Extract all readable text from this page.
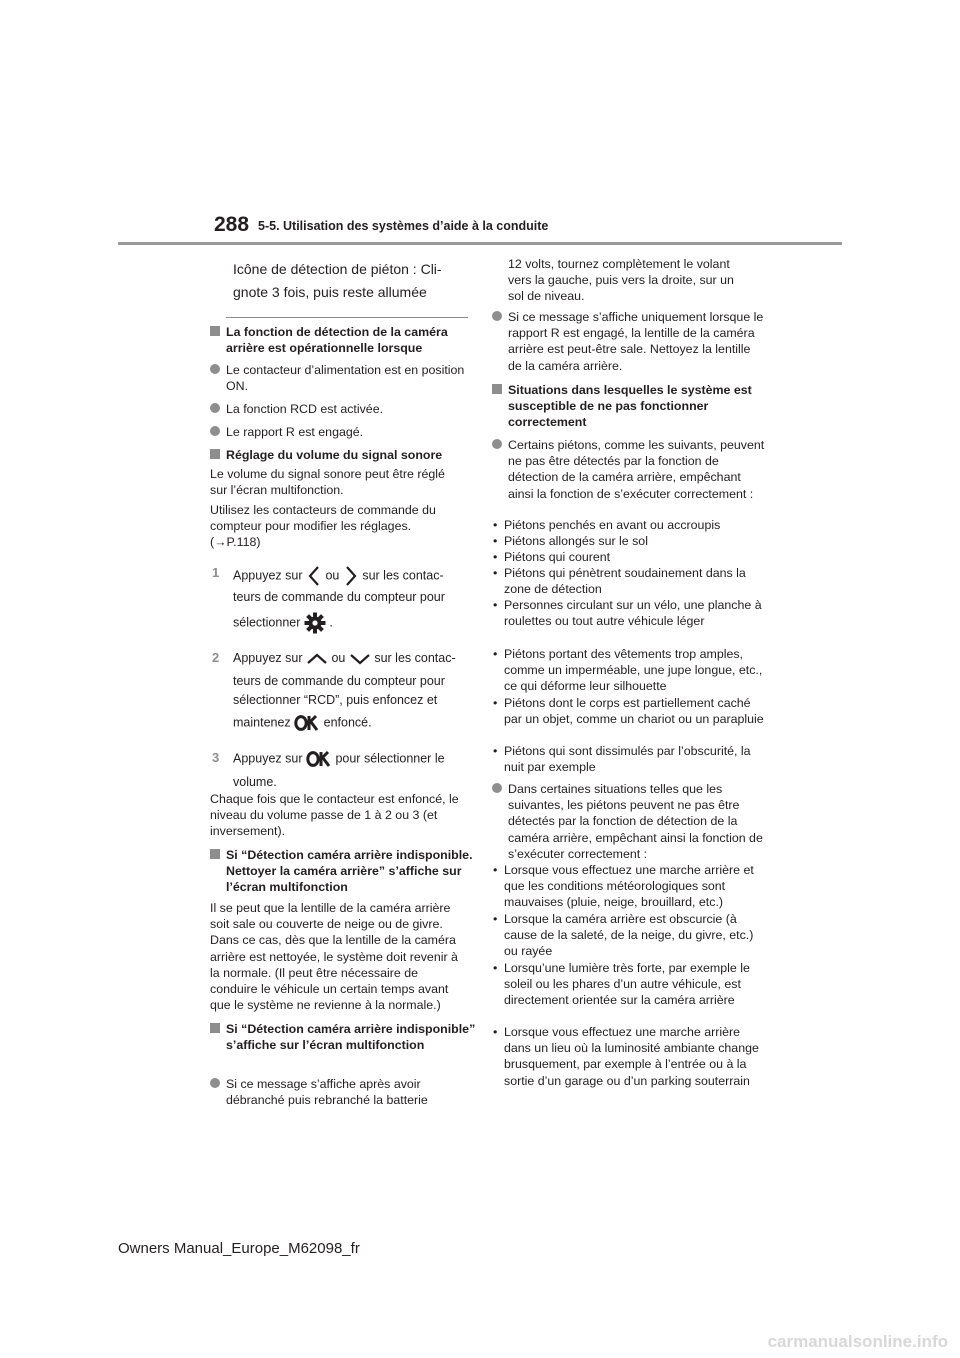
288 5-5. Utilisation des systèmes d’aide à la conduite
Icône de détection de piéton : Cli-
gnote 3 fois, puis reste allumée

La fonction de détection de la caméra arrière est opérationnelle lorsque

Le contacteur d’alimentation est en position ON.

La fonction RCD est activée.

Le rapport R est engagé.

Réglage du volume du signal sonore

Le volume du signal sonore peut être réglé sur l’écran multifonction.

Utilisez les contacteurs de commande du compteur pour modifier les réglages.

(→P.118)

1 Appuyez sur ou sur les contac-
teurs de commande du compteur pour
sélectionner .
2 Appuyez sur ou sur les contac-
teurs de commande du compteur pour
sélectionner “RCD”, puis enfoncez et
maintenez	enfoncé.
3 Appuyez sur	pour sélectionner le
volume.

Chaque fois que le contacteur est enfoncé, le niveau du volume passe de 1 à 2 ou 3 (et inversement).

Si “Détection caméra arrière indisponible. Nettoyer la caméra arrière” s’affiche sur l’écran multifonction

Il se peut que la lentille de la caméra arrière soit sale ou couverte de neige ou de givre. Dans ce cas, dès que la lentille de la caméra arrière est nettoyée, le système doit revenir à la normale. (Il peut être nécessaire de conduire le véhicule un certain temps avant que le système ne revienne à la normale.)

Si “Détection caméra arrière indisponible” s’affiche sur l’écran multifonction

Si ce message s’affiche après avoir débranché puis rebranché la batterie

12 volts, tournez complètement le volant vers la gauche, puis vers la droite, sur un sol de niveau.

Si ce message s’affiche uniquement lorsque le rapport R est engagé, la lentille de la caméra arrière est peut-être sale. Nettoyez la lentille de la caméra arrière.

Situations dans lesquelles le système est susceptible de ne pas fonctionner correctement

Certains piétons, comme les suivants, peuvent ne pas être détectés par la fonction de détection de la caméra arrière, empêchant ainsi la fonction de s’exécuter correctement :

• Piétons penchés en avant ou accroupis

• Piétons allongés sur le sol

• Piétons qui courent

• Piétons qui pénètrent soudainement dans la zone de détection

• Personnes circulant sur un vélo, une planche à roulettes ou tout autre véhicule léger

• Piétons portant des vêtements trop amples, comme un imperméable, une jupe longue, etc., ce qui déforme leur silhouette

• Piétons dont le corps est partiellement caché par un objet, comme un chariot ou un parapluie

• Piétons qui sont dissimulés par l’obscurité, la nuit par exemple

Dans certaines situations telles que les suivantes, les piétons peuvent ne pas être détectés par la fonction de détection de la caméra arrière, empêchant ainsi la fonction de s’exécuter correctement :

• Lorsque vous effectuez une marche arrière et que les conditions météorologiques sont mauvaises (pluie, neige, brouillard, etc.)

• Lorsque la caméra arrière est obscurcie (à cause de la saleté, de la neige, du givre, etc.) ou rayée

• Lorsqu’une lumière très forte, par exemple le soleil ou les phares d’un autre véhicule, est directement orientée sur la caméra arrière

• Lorsque vous effectuez une marche arrière dans un lieu où la luminosité ambiante change brusquement, par exemple à l’entrée ou à la sortie d’un garage ou d’un parking souterrain

Owners Manual_Europe_M62098_fr
carmanualsonline.info
